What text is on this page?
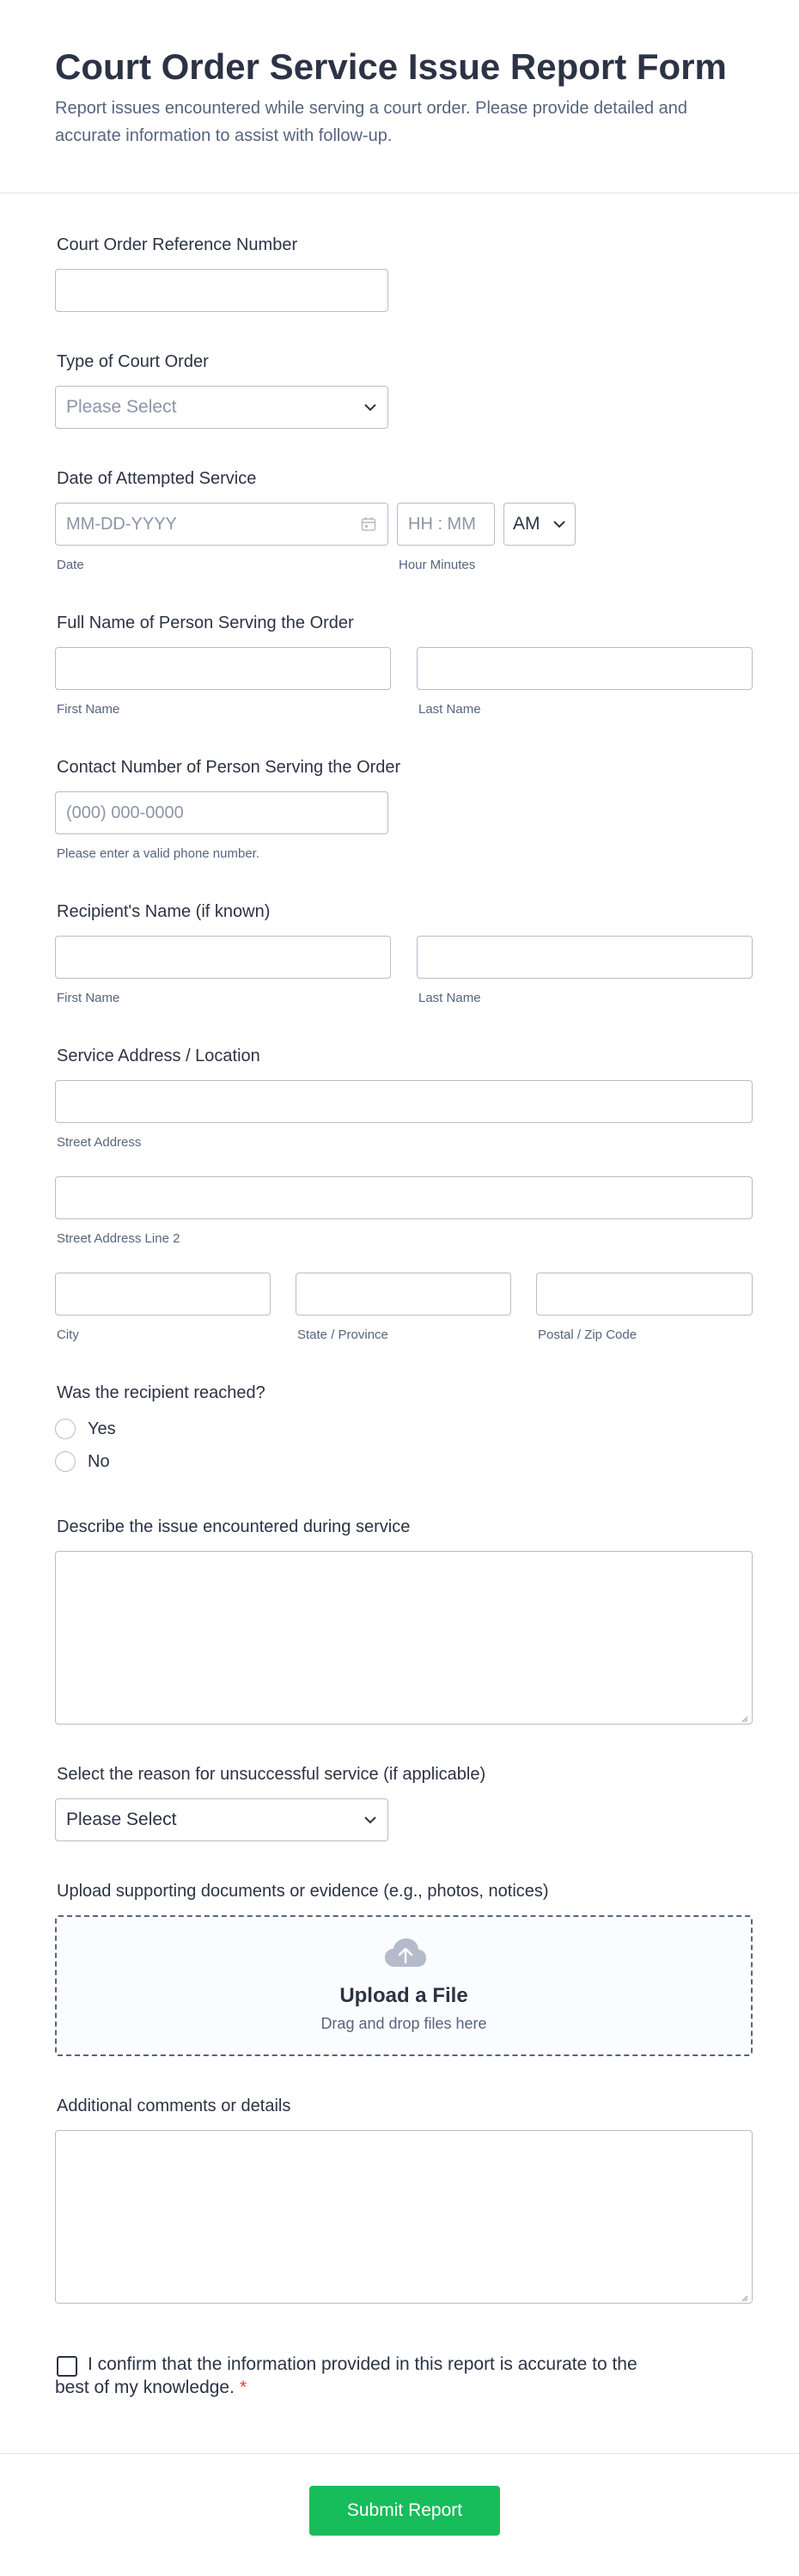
Court Order Service Issue Report Form

Report issues encountered while serving a court order. Please provide detailed and accurate information to assist with follow-up.

Court Order Reference Number
Type of Court Order
Please Select
Date of Attempted Service
MM-DD-YYYY
HH : MM
AM
Date	Hour Minutes
Full Name of Person Serving the Order
First Name	Last Name
Contact Number of Person Serving the Order
(000) 000-0000
Please enter a valid phone number.
Recipient's Name (if known)
First Name	Last Name
Service Address / Location
Street Address
Street Address Line 2
City	State / Province	Postal / Zip Code
Was the recipient reached?
Yes
No
Describe the issue encountered during service
Select the reason for unsuccessful service (if applicable)
Please Select
Upload supporting documents or evidence (e.g., photos, notices)
Upload a File
Drag and drop files here
Additional comments or details

I confirm that the information provided in this report is accurate to the best of my knowledge. *

Submit Report
